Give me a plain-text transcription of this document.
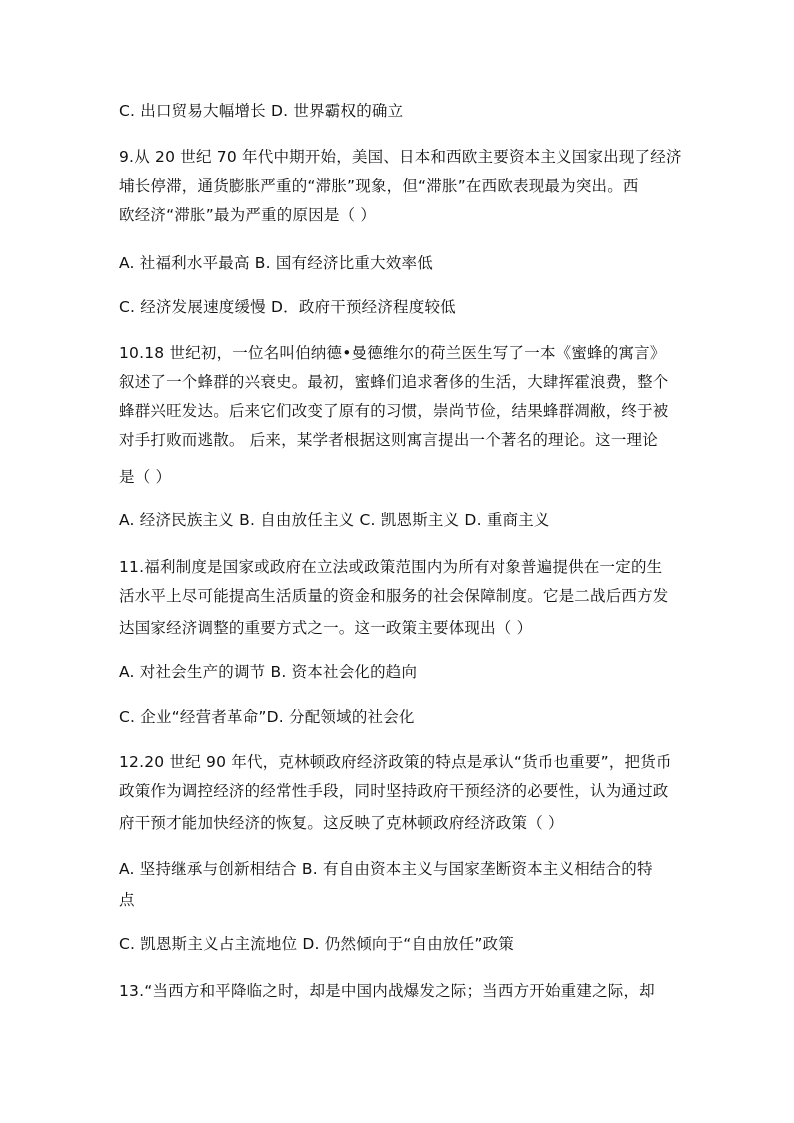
C. 出口贸易大幅增长 D. 世界霸权的确立
9.从 20 世纪 70 年代中期开始，美国、日本和西欧主要资本主义国家出现了经济
埔长停滞，通货膨胀严重的“滞胀”现象，但“滞胀”在西欧表现最为突出。西
欧经济“滞胀”最为严重的原因是（ ）
A. 社福利水平最高 B. 国有经济比重大效率低
C. 经济发展速度缓慢 D．政府干预经济程度较低
10.18 世纪初，一位名叫伯纳德•曼德维尔的荷兰医生写了一本《蜜蜂的寓言》
叙述了一个蜂群的兴衰史。最初，蜜蜂们追求奢侈的生活，大肆挥霍浪费，整个
蜂群兴旺发达。后来它们改变了原有的习惯，崇尚节俭，结果蜂群凋敝，终于被
对手打败而逃散。 后来，某学者根据这则寓言提出一个著名的理论。这一理论
是（ ）
A. 经济民族主义 B. 自由放任主义 C. 凯恩斯主义 D. 重商主义
11.福利制度是国家或政府在立法或政策范围内为所有对象普遍提供在一定的生
活水平上尽可能提高生活质量的资金和服务的社会保障制度。它是二战后西方发
达国家经济调整的重要方式之一。这一政策主要体现出（ ）
A. 对社会生产的调节 B. 资本社会化的趋向
C. 企业“经营者革命”D. 分配领域的社会化
12.20 世纪 90 年代，克林顿政府经济政策的特点是承认“货币也重要”，把货币
政策作为调控经济的经常性手段，同时坚持政府干预经济的必要性，认为通过政
府干预才能加快经济的恢复。这反映了克林顿政府经济政策（ ）
A. 坚持继承与创新相结合 B. 有自由资本主义与国家垄断资本主义相结合的特
点
C. 凯恩斯主义占主流地位 D. 仍然倾向于“自由放任”政策
13.“当西方和平降临之时，却是中国内战爆发之际；当西方开始重建之际，却
